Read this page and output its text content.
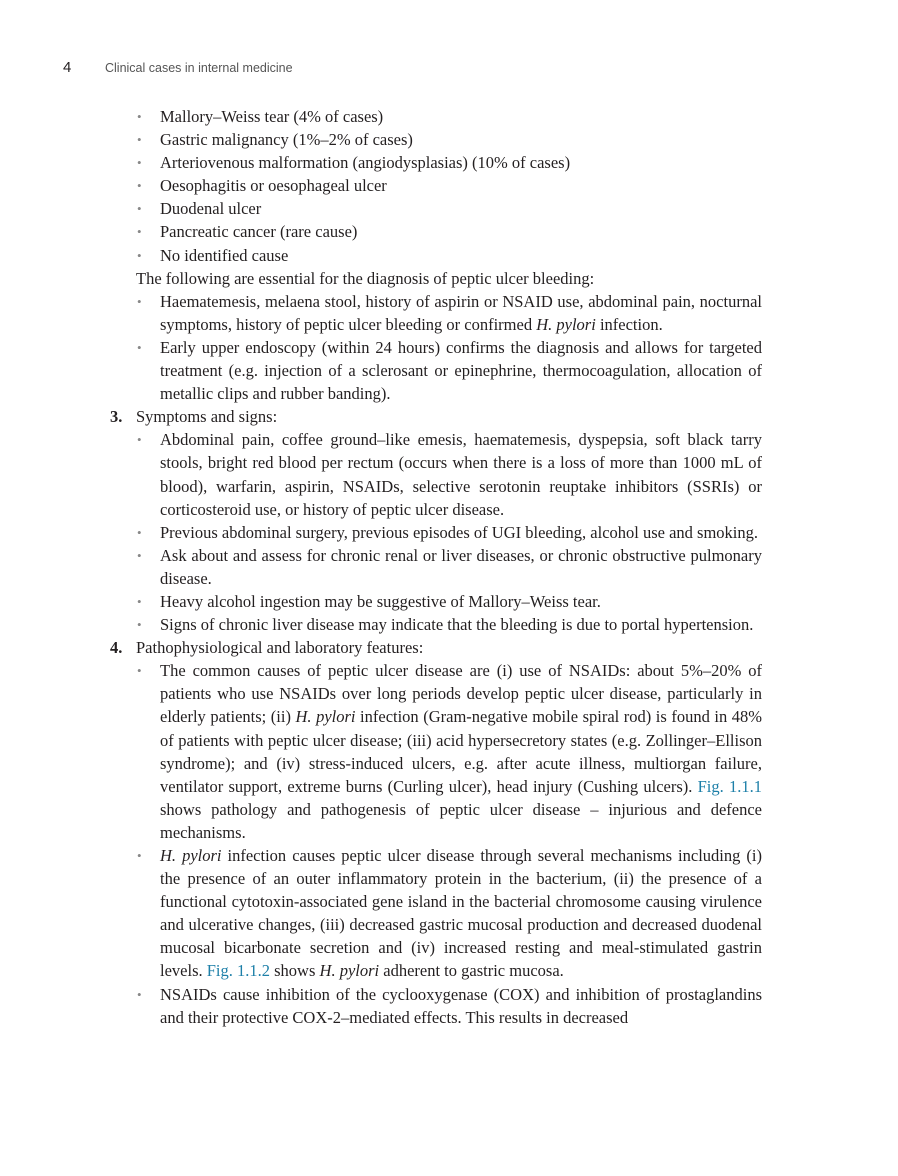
4	Clinical cases in internal medicine
• Mallory–Weiss tear (4% of cases)
• Gastric malignancy (1%–2% of cases)
• Arteriovenous malformation (angiodysplasias) (10% of cases)
• Oesophagitis or oesophageal ulcer
• Duodenal ulcer
• Pancreatic cancer (rare cause)
• No identified cause
The following are essential for the diagnosis of peptic ulcer bleeding:
• Haematemesis, melaena stool, history of aspirin or NSAID use, abdominal pain, nocturnal symptoms, history of peptic ulcer bleeding or confirmed H. pylori infection.
• Early upper endoscopy (within 24 hours) confirms the diagnosis and allows for targeted treatment (e.g. injection of a sclerosant or epinephrine, thermocoagulation, allocation of metallic clips and rubber banding).
3. Symptoms and signs:
• Abdominal pain, coffee ground–like emesis, haematemesis, dyspepsia, soft black tarry stools, bright red blood per rectum (occurs when there is a loss of more than 1000 mL of blood), warfarin, aspirin, NSAIDs, selective serotonin reuptake inhibitors (SSRIs) or corticosteroid use, or history of peptic ulcer disease.
• Previous abdominal surgery, previous episodes of UGI bleeding, alcohol use and smoking.
• Ask about and assess for chronic renal or liver diseases, or chronic obstructive pulmonary disease.
• Heavy alcohol ingestion may be suggestive of Mallory–Weiss tear.
• Signs of chronic liver disease may indicate that the bleeding is due to portal hypertension.
4. Pathophysiological and laboratory features:
• The common causes of peptic ulcer disease are (i) use of NSAIDs: about 5%–20% of patients who use NSAIDs over long periods develop peptic ulcer disease, particularly in elderly patients; (ii) H. pylori infection (Gram-negative mobile spiral rod) is found in 48% of patients with peptic ulcer disease; (iii) acid hypersecretory states (e.g. Zollinger–Ellison syndrome); and (iv) stress-induced ulcers, e.g. after acute illness, multiorgan failure, ventilator support, extreme burns (Curling ulcer), head injury (Cushing ulcers). Fig. 1.1.1 shows pathology and pathogenesis of peptic ulcer disease – injurious and defence mechanisms.
• H. pylori infection causes peptic ulcer disease through several mechanisms including (i) the presence of an outer inflammatory protein in the bacterium, (ii) the presence of a functional cytotoxin-associated gene island in the bacterial chromosome causing virulence and ulcerative changes, (iii) decreased gastric mucosal production and decreased duodenal mucosal bicarbonate secretion and (iv) increased resting and meal-stimulated gastrin levels. Fig. 1.1.2 shows H. pylori adherent to gastric mucosa.
• NSAIDs cause inhibition of the cyclooxygenase (COX) and inhibition of prostaglandins and their protective COX-2–mediated effects. This results in decreased
